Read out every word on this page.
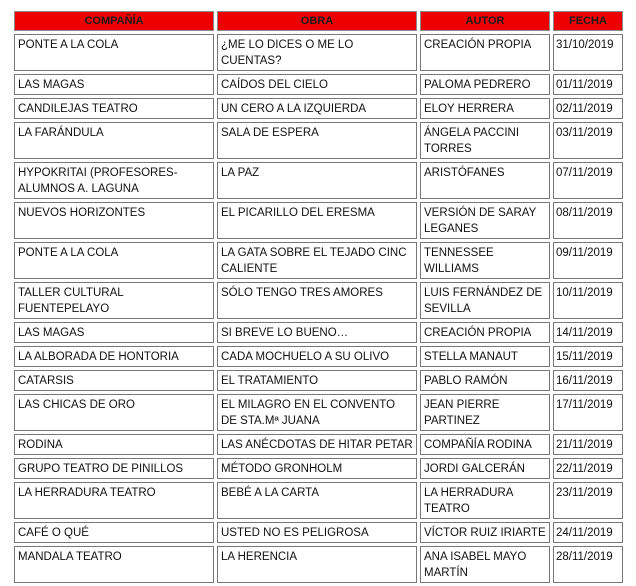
COMPAÑÍA	OBRA	AUTOR	FECHA
PONTE A LA COLA	¿ME LO DICES O ME LO CUENTAS?	CREACIÓN PROPIA	31/10/2019
LAS MAGAS	CAÍDOS DEL CIELO	PALOMA PEDRERO	01/11/2019
CANDILEJAS TEATRO	UN CERO A LA IZQUIERDA	ELOY HERRERA	02/11/2019
LA FARÁNDULA	SALA DE ESPERA	ÁNGELA PACCINI TORRES	03/11/2019
HYPOKRITAI (PROFESORES-ALUMNOS A. LAGUNA	LA PAZ	ARISTÓFANES	07/11/2019
NUEVOS HORIZONTES	EL PICARILLO DEL ERESMA	VERSIÓN DE SARAY LEGANES	08/11/2019
PONTE A LA COLA	LA GATA SOBRE EL TEJADO CINC CALIENTE	TENNESSEE WILLIAMS	09/11/2019
TALLER CULTURAL FUENTEPELAYO	SÓLO TENGO TRES AMORES	LUIS FERNÁNDEZ DE SEVILLA	10/11/2019
LAS MAGAS	SI BREVE LO BUENO…	CREACIÓN PROPIA	14/11/2019
LA ALBORADA DE HONTORIA	CADA MOCHUELO A SU OLIVO	STELLA MANAUT	15/11/2019
CATARSIS	EL TRATAMIENTO	PABLO RAMÓN	16/11/2019
LAS CHICAS DE ORO	EL MILAGRO EN EL CONVENTO DE STA.Mª JUANA	JEAN PIERRE PARTINEZ	17/11/2019
RODINA	LAS ANÉCDOTAS DE HITAR PETAR	COMPAÑÍA RODINA	21/11/2019
GRUPO TEATRO DE PINILLOS	MÉTODO GRONHOLM	JORDI GALCERÁN	22/11/2019
LA HERRADURA TEATRO	BEBÉ A LA CARTA	LA HERRADURA TEATRO	23/11/2019
CAFÉ O QUÉ	USTED NO ES PELIGROSA	VÍCTOR RUIZ IRIARTE	24/11/2019
MANDALA TEATRO	LA HERENCIA	ANA ISABEL MAYO MARTÍN	28/11/2019
